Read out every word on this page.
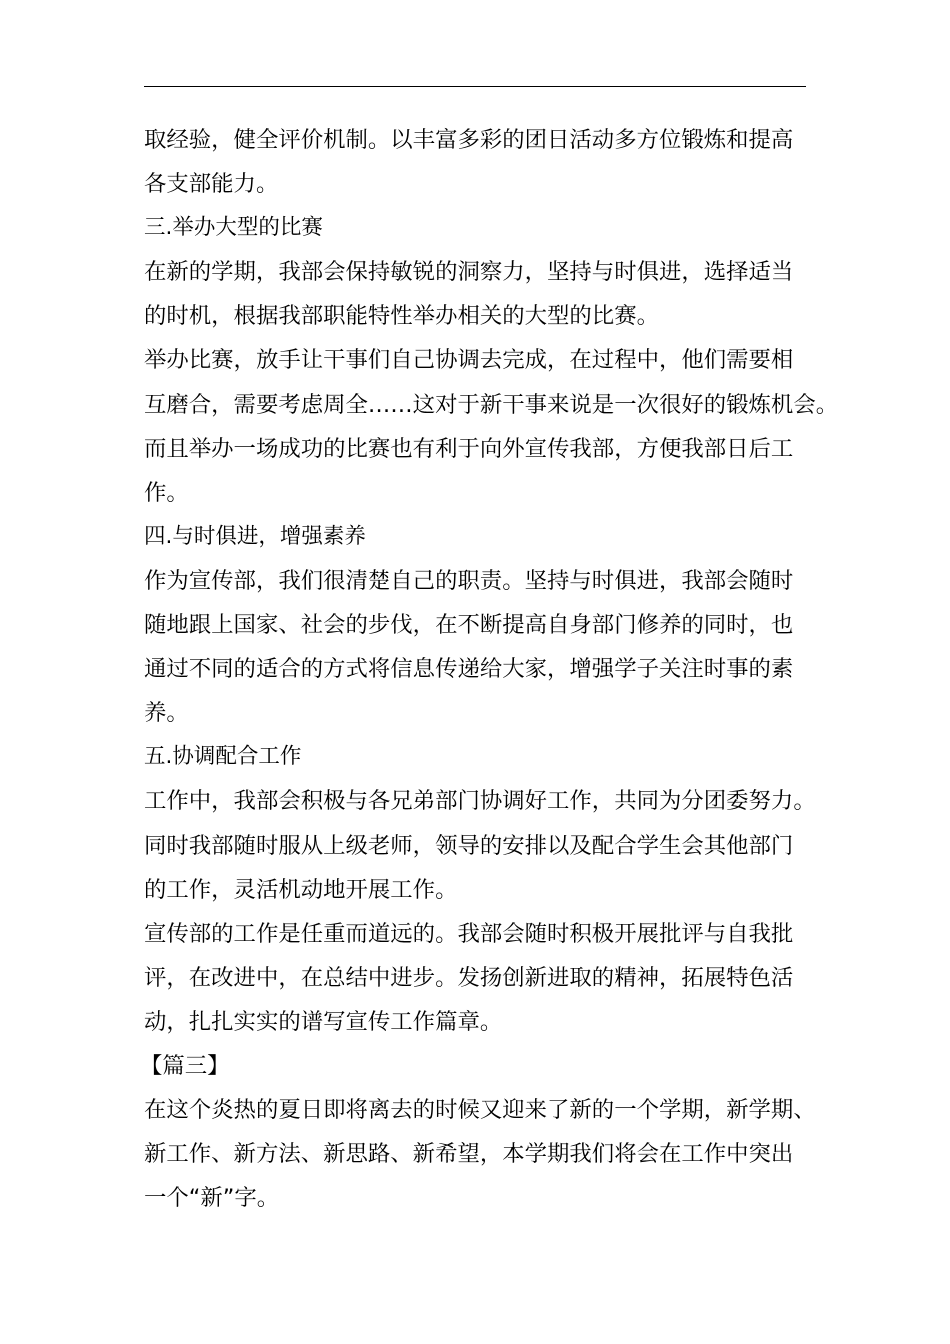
取经验，健全评价机制。以丰富多彩的团日活动多方位锻炼和提高
各支部能力。
三.举办大型的比赛
在新的学期，我部会保持敏锐的洞察力，坚持与时俱进，选择适当
的时机，根据我部职能特性举办相关的大型的比赛。
举办比赛，放手让干事们自己协调去完成，在过程中，他们需要相
互磨合，需要考虑周全……这对于新干事来说是一次很好的锻炼机会。
而且举办一场成功的比赛也有利于向外宣传我部，方便我部日后工
作。
四.与时俱进，增强素养
作为宣传部，我们很清楚自己的职责。坚持与时俱进，我部会随时
随地跟上国家、社会的步伐，在不断提高自身部门修养的同时，也
通过不同的适合的方式将信息传递给大家，增强学子关注时事的素
养。
五.协调配合工作
工作中，我部会积极与各兄弟部门协调好工作，共同为分团委努力。
同时我部随时服从上级老师，领导的安排以及配合学生会其他部门
的工作，灵活机动地开展工作。
宣传部的工作是任重而道远的。我部会随时积极开展批评与自我批
评，在改进中，在总结中进步。发扬创新进取的精神，拓展特色活
动，扎扎实实的谱写宣传工作篇章。
【篇三】
在这个炎热的夏日即将离去的时候又迎来了新的一个学期，新学期、
新工作、新方法、新思路、新希望，本学期我们将会在工作中突出
一个“新”字。
